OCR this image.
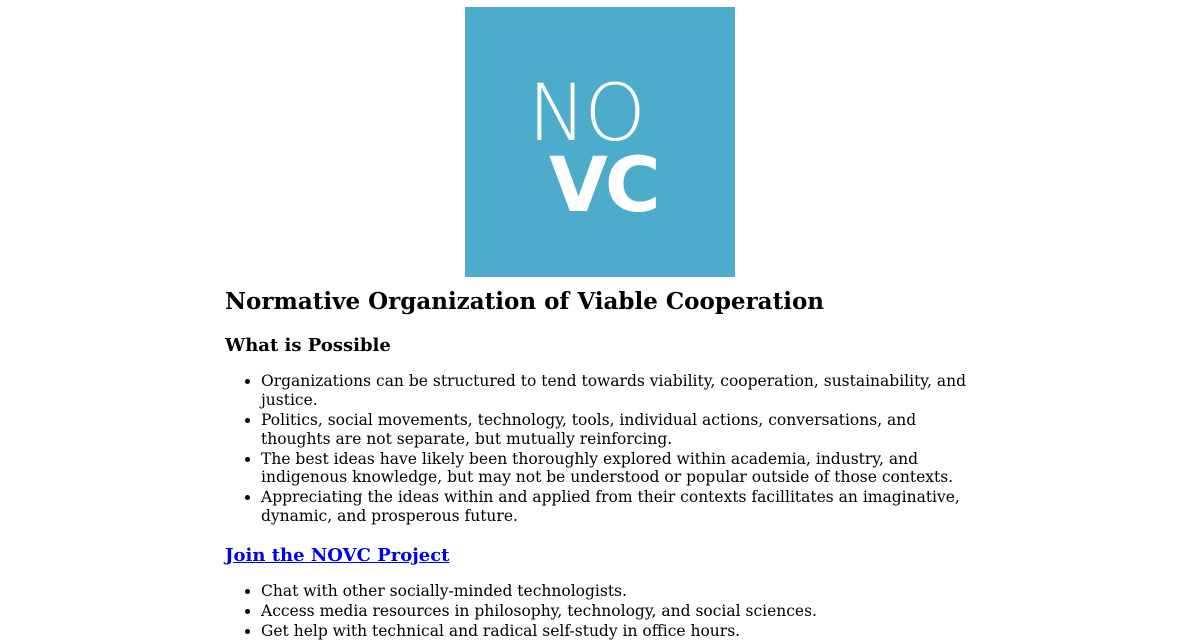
NO
VC
Normative Organization of Viable Cooperation
What is Possible
• Organizations can be structured to tend towards viability, cooperation, sustainability, and justice.
• Politics, social movements, technology, tools, individual actions, conversations, and thoughts are not separate, but mutually reinforcing.
• The best ideas have likely been thoroughly explored within academia, industry, and indigenous knowledge, but may not be understood or popular outside of those contexts.
• Appreciating the ideas within and applied from their contexts facillitates an imaginative, dynamic, and prosperous future.
Join the NOVC Project
• Chat with other socially-minded technologists.
• Access media resources in philosophy, technology, and social sciences.
• Get help with technical and radical self-study in office hours.
